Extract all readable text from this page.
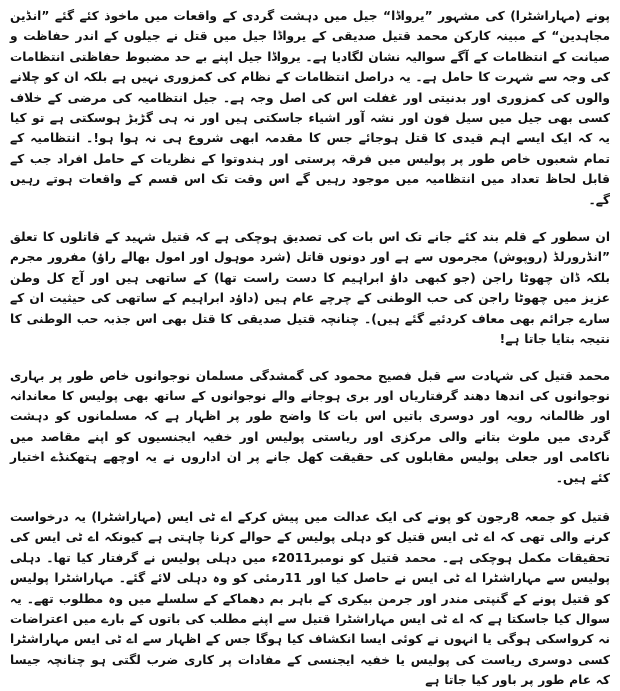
پونے (مہاراشٹرا) کی مشہور ”یرواڈا“ جیل میں دہشت گردی کے واقعات میں ماخوذ کئے گئے ”انڈین مجاہدین“ کے مبینہ کارکن محمد قتیل صدیقی کے یرواڈا جیل میں قتل نے جیلوں کے اندر حفاظت و صیانت کے انتظامات کے آگے سوالیہ نشان لگادیا ہے۔ یرواڈا جیل اپنے بے حد مضبوط حفاظتی انتظامات کی وجہ سے شہرت کا حامل ہے۔ یہ دراصل انتظامات کے نظام کی کمزوری نہیں ہے بلکہ ان کو چلانے والوں کی کمزوری اور بدنیتی اور غفلت اس کی اصل وجہ ہے۔ جیل انتظامیہ کی مرضی کے خلاف کسی بھی جیل میں سیل فون اور نشہ آور اشیاء جاسکتی ہیں اور نہ ہی گڑبڑ ہوسکتی ہے تو کیا یہ کہ ایک ایسے اہم قیدی کا قتل ہوجائے جس کا مقدمہ ابھی شروع ہی نہ ہوا ہو!۔ انتظامیہ کے تمام شعبوں خاص طور پر پولیس میں فرقہ پرستی اور ہندوتوا کے نظریات کے حامل افراد جب کے قابل لحاظ تعداد میں انتظامیہ میں موجود رہیں گے اس وقت تک اس قسم کے واقعات ہوتے رہیں گے۔

ان سطور کے قلم بند کئے جانے تک اس بات کی تصدیق ہوچکی ہے کہ قتیل شہید کے قاتلوں کا تعلق ”انڈرورلڈ (روپوش) مجرموں سے ہے اور دونوں قاتل (شرد موہول اور امول بھالے راؤ) مفرور مجرم بلکہ ڈان چھوٹا راجن (جو کبھی داؤ ابراہیم کا دست راست تھا) کے ساتھی ہیں اور آج کل وطن عزیز میں چھوٹا راجن کی حب الوطنی کے چرچے عام ہیں (داؤد ابراہیم کے ساتھی کی حیثیت ان کے سارے جرائم بھی معاف کردئیے گئے ہیں)۔ چنانچہ قتیل صدیقی کا قتل بھی اس جذبہ حب الوطنی کا نتیجہ بتایا جاتا ہے!

محمد قتیل کی شہادت سے قبل فصیح محمود کی گمشدگی مسلمان نوجوانوں خاص طور پر بہاری نوجوانوں کی اندھا دھند گرفتاریاں اور بری ہوجانے والے نوجوانوں کے ساتھ بھی پولیس کا معاندانہ اور ظالمانہ رویہ اور دوسری باتیں اس بات کا واضح طور پر اظہار ہے کہ مسلمانوں کو دہشت گردی میں ملوث بتانے والی مرکزی اور ریاستی پولیس اور خفیہ ایجنسیوں کو اپنے مقاصد میں ناکامی اور جعلی پولیس مقابلوں کی حقیقت کھل جانے پر ان اداروں نے یہ اوچھے ہتھکنڈے اختیار کئے ہیں۔

قتیل کو جمعہ 8رجون کو پونے کی ایک عدالت میں پیش کرکے اے ٹی ایس (مہاراشٹرا) یہ درخواست کرنے والی تھی کہ اے ٹی ایس قتیل کو دہلی پولیس کے حوالے کرنا چاہتی ہے کیونکہ اے ٹی ایس کی تحقیقات مکمل ہوچکی ہے۔ محمد قتیل کو نومبر2011ء میں دہلی پولیس نے گرفتار کیا تھا۔ دہلی پولیس سے مہاراشٹرا اے ٹی ایس نے حاصل کیا اور 11رمئی کو وہ دہلی لائے گئے۔ مہاراشٹرا پولیس کو قتیل پونے کے گنپتی مندر اور جرمن بیکری کے باہر بم دھماکے کے سلسلے میں وہ مطلوب تھے۔ یہ سوال کیا جاسکتا ہے کہ اے ٹی ایس مہاراشٹرا قتیل سے اپنے مطلب کی باتوں کے بارے میں اعتراضات نہ کرواسکی ہوگی یا انہوں نے کوئی ایسا انکشاف کیا ہوگا جس کے اظہار سے اے ٹی ایس مہاراشٹرا کسی دوسری ریاست کی پولیس یا خفیہ ایجنسی کے مفادات پر کاری ضرب لگتی ہو چنانچہ جیسا کہ عام طور پر باور کیا جاتا ہے
